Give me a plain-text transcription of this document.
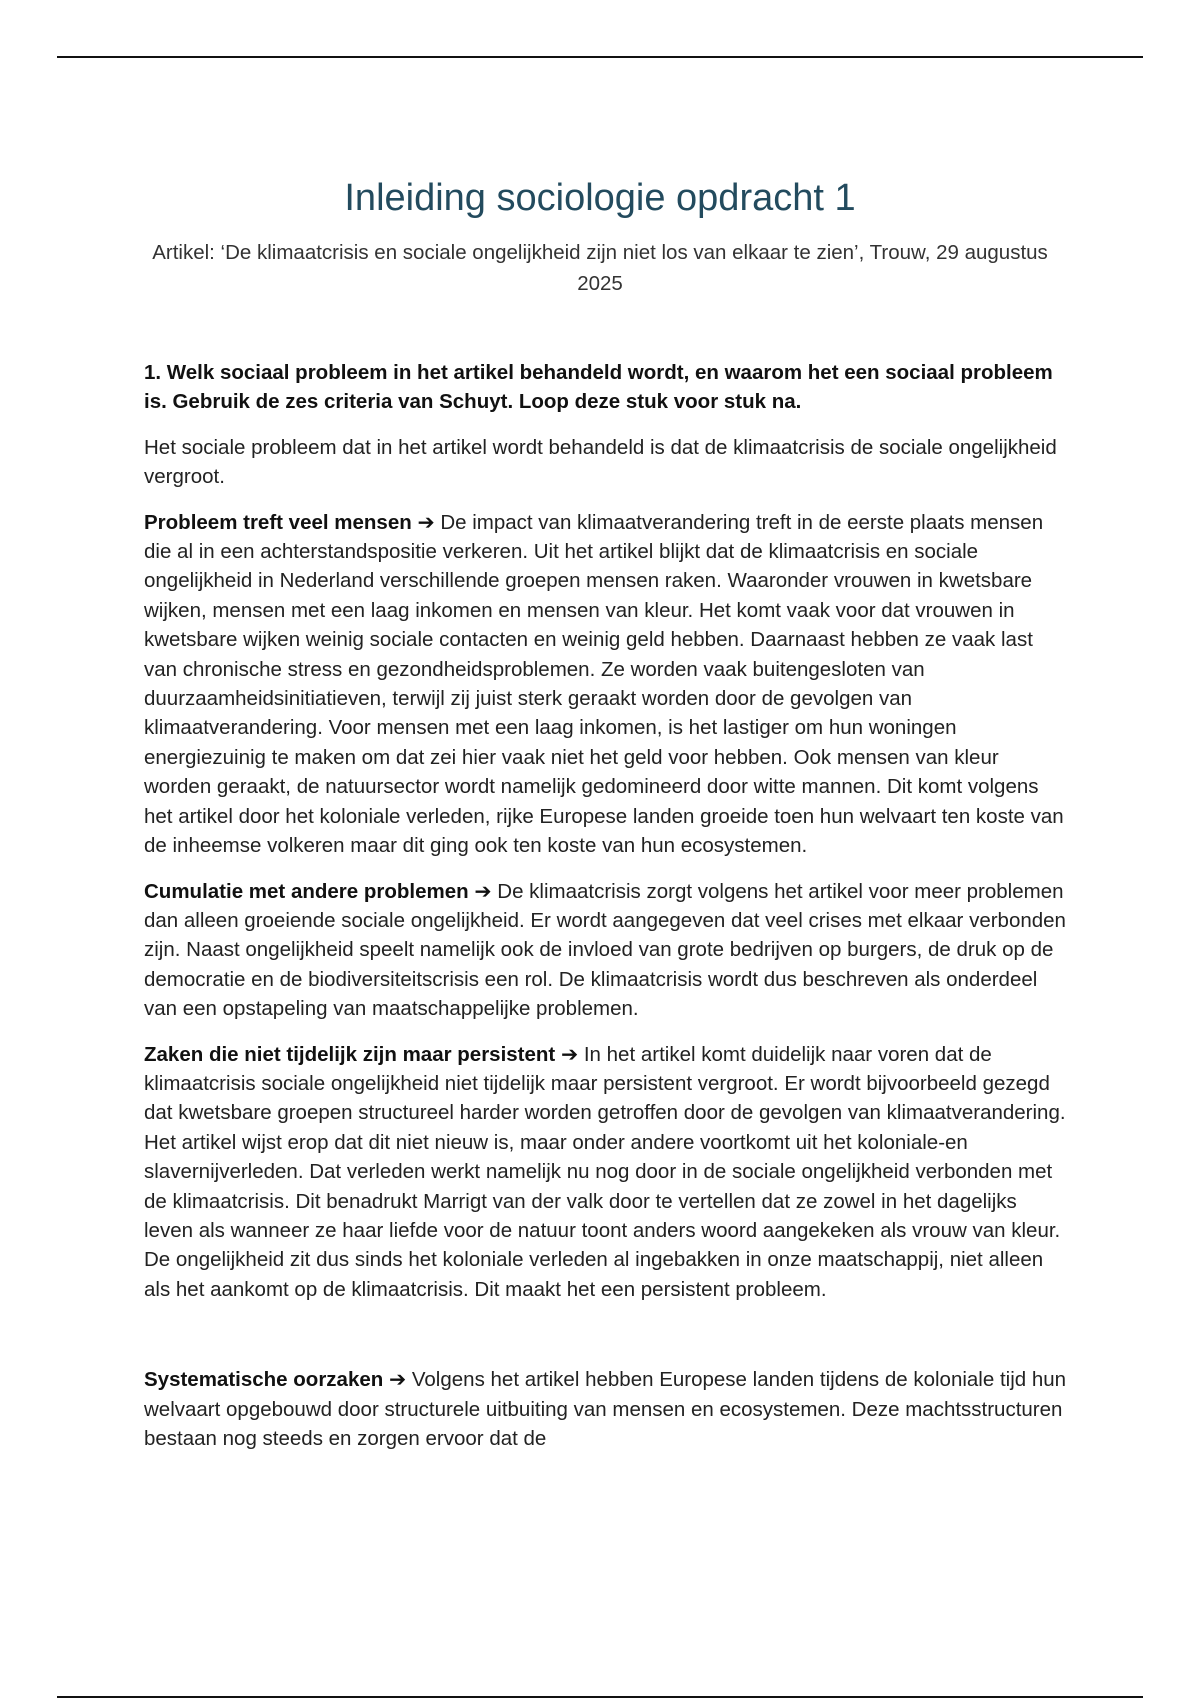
Inleiding sociologie opdracht 1

Artikel: ‘De klimaatcrisis en sociale ongelijkheid zijn niet los van elkaar te zien’, Trouw, 29 augustus 2025

1. Welk sociaal probleem in het artikel behandeld wordt, en waarom het een sociaal probleem is. Gebruik de zes criteria van Schuyt. Loop deze stuk voor stuk na.

Het sociale probleem dat in het artikel wordt behandeld is dat de klimaatcrisis de sociale ongelijkheid vergroot.

Probleem treft veel mensen ➔ De impact van klimaatverandering treft in de eerste plaats mensen die al in een achterstandspositie verkeren. Uit het artikel blijkt dat de klimaatcrisis en sociale ongelijkheid in Nederland verschillende groepen mensen raken. Waaronder vrouwen in kwetsbare wijken, mensen met een laag inkomen en mensen van kleur. Het komt vaak voor dat vrouwen in kwetsbare wijken weinig sociale contacten en weinig geld hebben. Daarnaast hebben ze vaak last van chronische stress en gezondheidsproblemen. Ze worden vaak buitengesloten van duurzaamheidsinitiatieven, terwijl zij juist sterk geraakt worden door de gevolgen van klimaatverandering. Voor mensen met een laag inkomen, is het lastiger om hun woningen energiezuinig te maken om dat zei hier vaak niet het geld voor hebben. Ook mensen van kleur worden geraakt, de natuursector wordt namelijk gedomineerd door witte mannen. Dit komt volgens het artikel door het koloniale verleden, rijke Europese landen groeide toen hun welvaart ten koste van de inheemse volkeren maar dit ging ook ten koste van hun ecosystemen.

Cumulatie met andere problemen ➔ De klimaatcrisis zorgt volgens het artikel voor meer problemen dan alleen groeiende sociale ongelijkheid. Er wordt aangegeven dat veel crises met elkaar verbonden zijn. Naast ongelijkheid speelt namelijk ook de invloed van grote bedrijven op burgers, de druk op de democratie en de biodiversiteitscrisis een rol. De klimaatcrisis wordt dus beschreven als onderdeel van een opstapeling van maatschappelijke problemen.

Zaken die niet tijdelijk zijn maar persistent ➔ In het artikel komt duidelijk naar voren dat de klimaatcrisis sociale ongelijkheid niet tijdelijk maar persistent vergroot. Er wordt bijvoorbeeld gezegd dat kwetsbare groepen structureel harder worden getroffen door de gevolgen van klimaatverandering. Het artikel wijst erop dat dit niet nieuw is, maar onder andere voortkomt uit het koloniale-en slavernijverleden. Dat verleden werkt namelijk nu nog door in de sociale ongelijkheid verbonden met de klimaatcrisis. Dit benadrukt Marrigt van der valk door te vertellen dat ze zowel in het dagelijks leven als wanneer ze haar liefde voor de natuur toont anders woord aangekeken als vrouw van kleur. De ongelijkheid zit dus sinds het koloniale verleden al ingebakken in onze maatschappij, niet alleen als het aankomt op de klimaatcrisis. Dit maakt het een persistent probleem.

Systematische oorzaken ➔ Volgens het artikel hebben Europese landen tijdens de koloniale tijd hun welvaart opgebouwd door structurele uitbuiting van mensen en ecosystemen. Deze machtsstructuren bestaan nog steeds en zorgen ervoor dat de
